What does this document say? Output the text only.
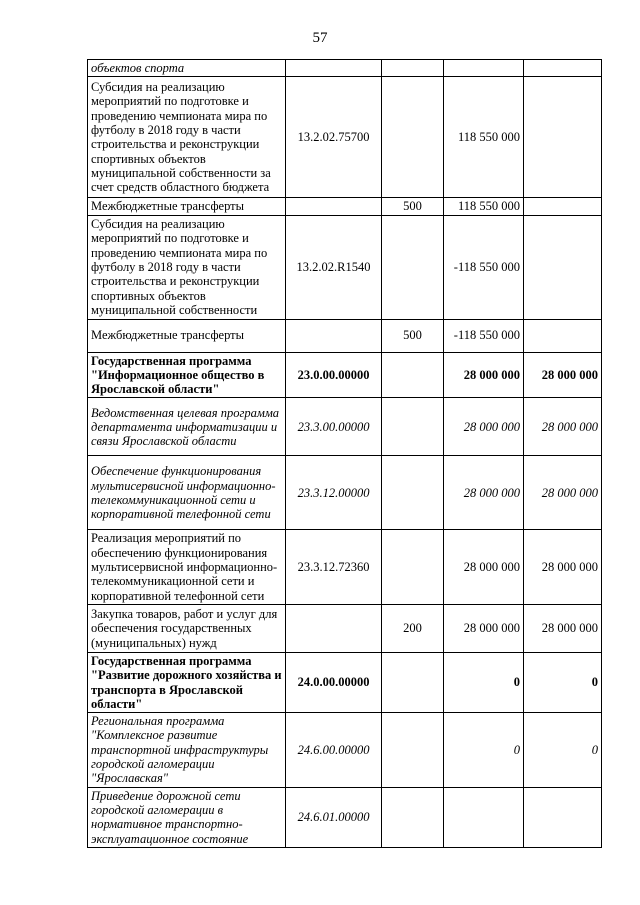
57
объектов спорта				
Субсидия на реализацию мероприятий по подготовке и проведению чемпионата мира по футболу в 2018 году в части строительства и реконструкции спортивных объектов муниципальной собственности за счет средств областного бюджета	13.2.02.75700		118 550 000	
Межбюджетные трансферты		500	118 550 000	
Субсидия на реализацию мероприятий по подготовке и проведению чемпионата мира по футболу в 2018 году в части строительства и реконструкции спортивных объектов муниципальной собственности	13.2.02.R1540		-118 550 000	
Межбюджетные трансферты		500	-118 550 000	
Государственная программа "Информационное общество в Ярославской области"	23.0.00.00000		28 000 000	28 000 000
Ведомственная целевая программа департамента информатизации и связи Ярославской области	23.3.00.00000		28 000 000	28 000 000
Обеспечение функционирования мультисервисной информационно-телекоммуникационной сети и корпоративной телефонной сети	23.3.12.00000		28 000 000	28 000 000
Реализация мероприятий по обеспечению функционирования мультисервисной информационно-телекоммуникационной сети и корпоративной телефонной сети	23.3.12.72360		28 000 000	28 000 000
Закупка товаров, работ и услуг для обеспечения государственных (муниципальных) нужд		200	28 000 000	28 000 000
Государственная программа "Развитие дорожного хозяйства и транспорта в Ярославской области"	24.0.00.00000		0	0
Региональная программа "Комплексное развитие транспортной инфраструктуры городской агломерации "Ярославская"	24.6.00.00000		0	0
Приведение дорожной сети городской агломерации в нормативное транспортно-эксплуатационное состояние	24.6.01.00000			
